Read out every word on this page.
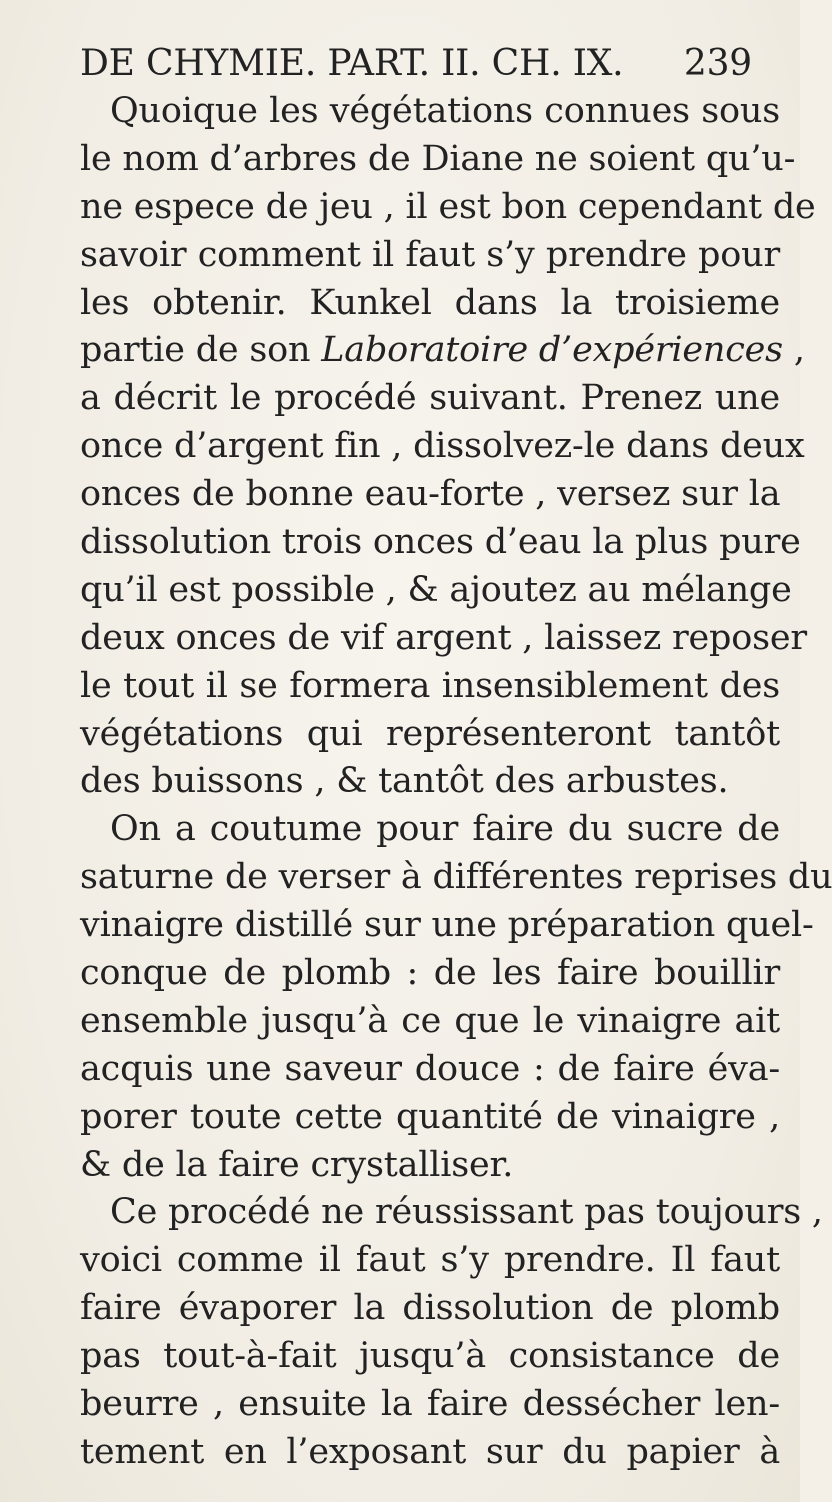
DE CHYMIE. PART. II. CH. IX. 239
Quoique les végétations connues sous
le nom d’arbres de Diane ne soient qu’u-
ne espece de jeu , il est bon cependant de
savoir comment il faut s’y prendre pour
les obtenir. Kunkel dans la troisieme
partie de son Laboratoire d’expériences ,
a décrit le procédé suivant. Prenez une
once d’argent fin , dissolvez-le dans deux
onces de bonne eau-forte , versez sur la
dissolution trois onces d’eau la plus pure
qu’il est possible , & ajoutez au mélange
deux onces de vif argent , laissez reposer
le tout il se formera insensiblement des
végétations qui représenteront tantôt
des buissons , & tantôt des arbustes.
On a coutume pour faire du sucre de
saturne de verser à différentes reprises du
vinaigre distillé sur une préparation quel-
conque de plomb : de les faire bouillir
ensemble jusqu’à ce que le vinaigre ait
acquis une saveur douce : de faire éva-
porer toute cette quantité de vinaigre ,
& de la faire crystalliser.
Ce procédé ne réussissant pas toujours ,
voici comme il faut s’y prendre. Il faut
faire évaporer la dissolution de plomb
pas tout-à-fait jusqu’à consistance de
beurre , ensuite la faire dessécher len-
tement en l’exposant sur du papier à
